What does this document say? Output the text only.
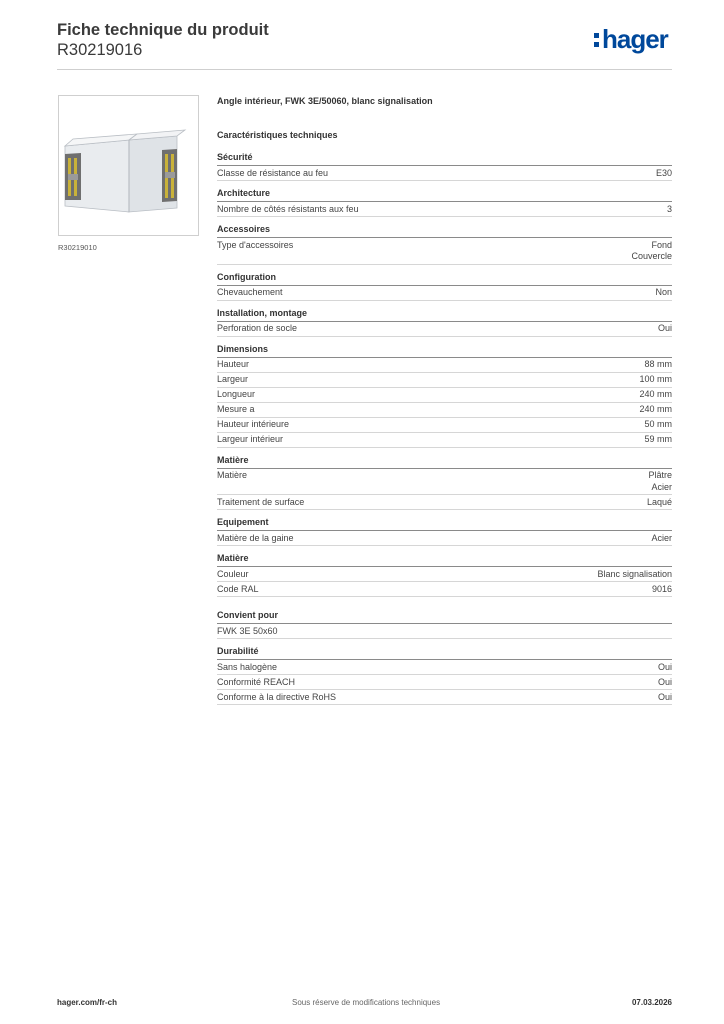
Fiche technique du produit
R30219016	hager
R30219010
Angle intérieur, FWK 3E/50060, blanc signalisation
Caractéristiques techniques
Sécurité
Classe de résistance au feu	E30
Architecture
Nombre de côtés résistants aux feu	3
Accessoires
Type d'accessoires	Fond
Couvercle
Configuration
Chevauchement	Non
Installation, montage
Perforation de socle	Oui
Dimensions
Hauteur	88 mm
Largeur	100 mm
Longueur	240 mm
Mesure a	240 mm
Hauteur intérieure	50 mm
Largeur intérieur	59 mm
Matière
Matière	Plâtre
Acier
Traitement de surface	Laqué
Equipement
Matière de la gaine	Acier
Matière
Couleur	Blanc signalisation
Code RAL	9016
Convient pour
FWK 3E 50x60
Durabilité
Sans halogène	Oui
Conformité REACH	Oui
Conforme à la directive RoHS	Oui
hager.com/fr-ch	Sous réserve de modifications techniques	07.03.2026
